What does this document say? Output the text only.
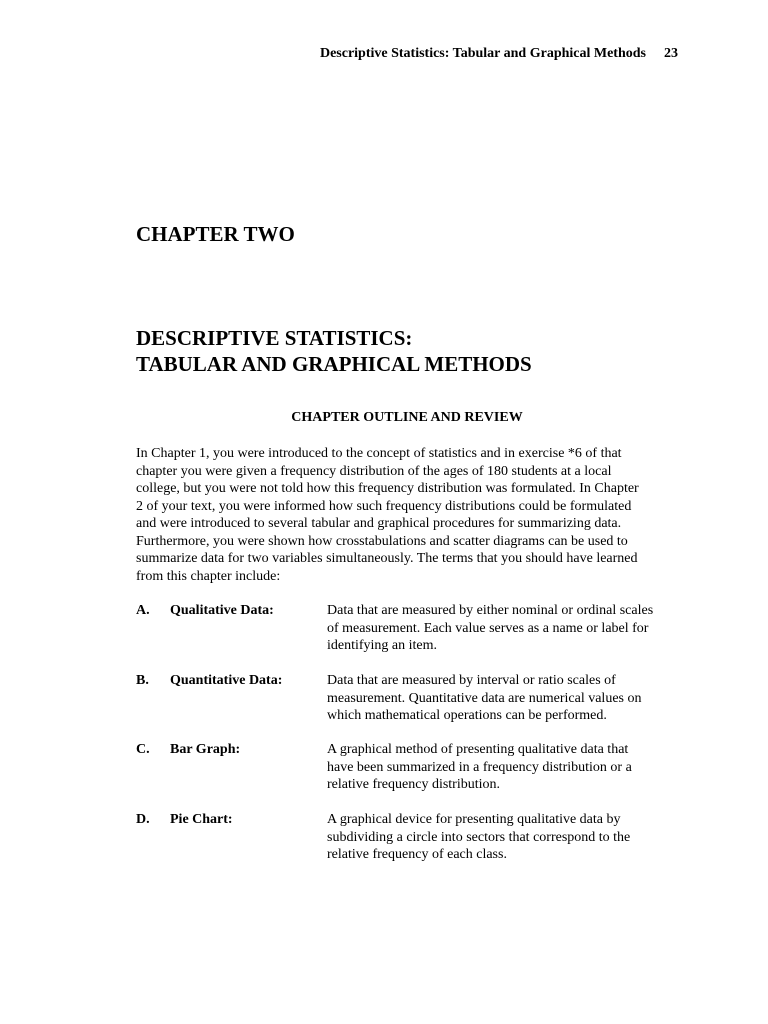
Descriptive Statistics: Tabular and Graphical Methods 23
CHAPTER TWO
DESCRIPTIVE STATISTICS:
TABULAR AND GRAPHICAL METHODS
CHAPTER OUTLINE AND REVIEW
In Chapter 1, you were introduced to the concept of statistics and in exercise *6 of that
chapter you were given a frequency distribution of the ages of 180 students at a local
college, but you were not told how this frequency distribution was formulated. In Chapter
2 of your text, you were informed how such frequency distributions could be formulated
and were introduced to several tabular and graphical procedures for summarizing data.
Furthermore, you were shown how crosstabulations and scatter diagrams can be used to
summarize data for two variables simultaneously. The terms that you should have learned
from this chapter include:
A. Qualitative Data:	Data that are measured by either nominal or ordinal scales
of measurement. Each value serves as a name or label for
identifying an item.
B. Quantitative Data:	Data that are measured by interval or ratio scales of
measurement. Quantitative data are numerical values on
which mathematical operations can be performed.
C. Bar Graph:	A graphical method of presenting qualitative data that
have been summarized in a frequency distribution or a
relative frequency distribution.
D. Pie Chart:	A graphical device for presenting qualitative data by
subdividing a circle into sectors that correspond to the
relative frequency of each class.
